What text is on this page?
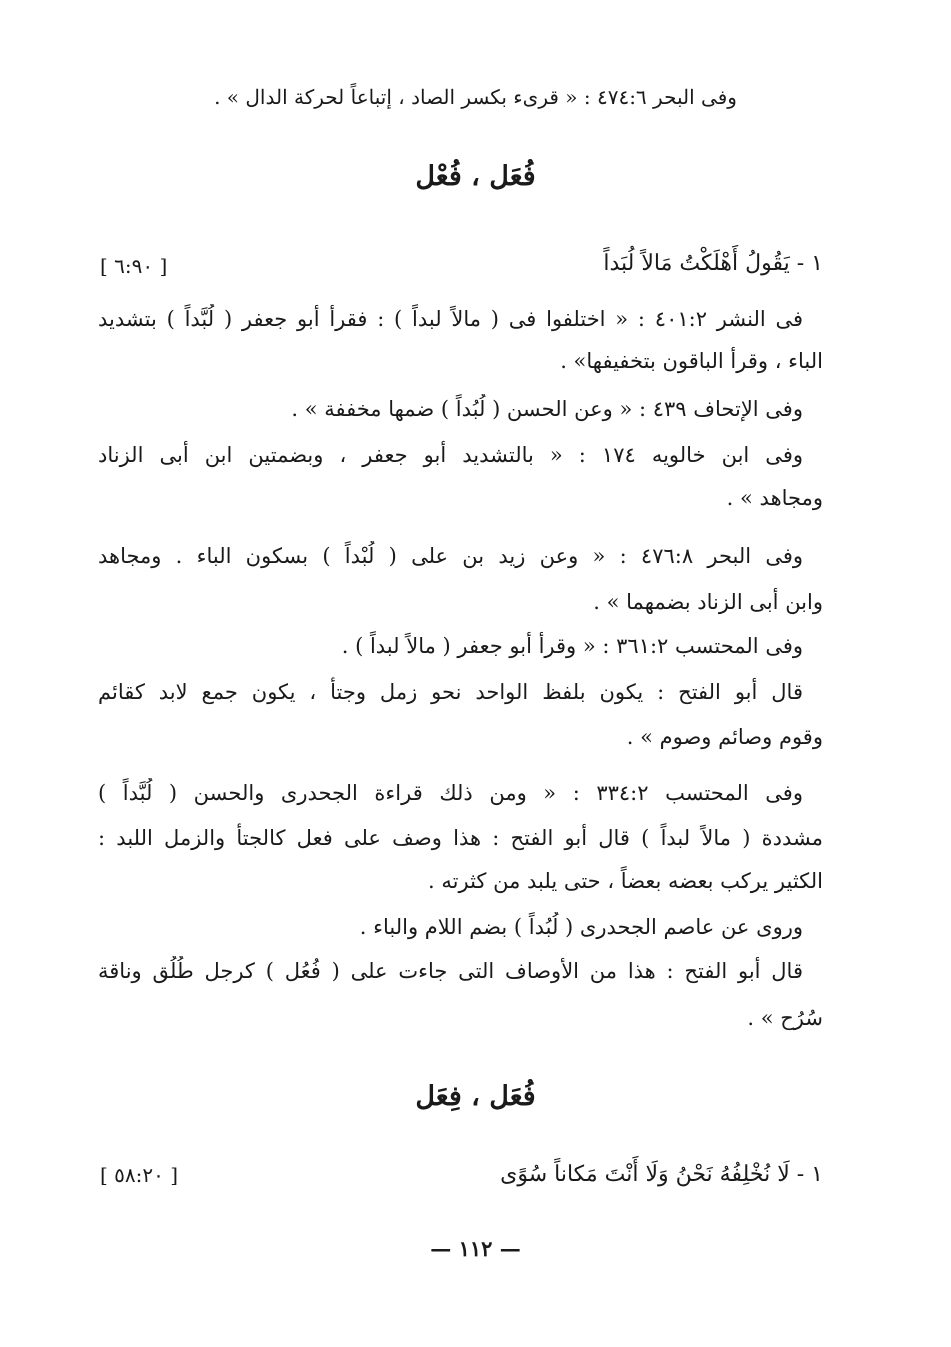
وفى البحر ٤٧٤:٦ : « قرىء بكسر الصاد ، إتباعاً لحركة الدال » .
فُعَل ، فُعْل
١ - يَقُولُ أَهْلَكْتُ مَالاً لُبَداً
[ ٦:٩٠ ]
فى النشر ٤٠١:٢ : « اختلفوا فى ( مالاً لبداً ) : فقرأ أبو جعفر ( لُبَّداً ) بتشديد
الباء ، وقرأ الباقون بتخفيفها» .
وفى الإتحاف ٤٣٩ : « وعن الحسن ( لُبُداً ) ضمها مخففة » .
وفى ابن خالويه ١٧٤ : « بالتشديد أبو جعفر ، وبضمتين ابن أبى الزناد
ومجاهد » .
وفى البحر ٤٧٦:٨ : « وعن زيد بن على ( لُبْداً ) بسكون الباء . ومجاهد
وابن أبى الزناد بضمهما » .
وفى المحتسب ٣٦١:٢ : « وقرأ أبو جعفر ( مالاً لبداً ) .
قال أبو الفتح : يكون بلفظ الواحد نحو زمل وجتأ ، يكون جمع لابد كقائم
وقوم وصائم وصوم » .
وفى المحتسب ٣٣٤:٢ : « ومن ذلك قراءة الجحدرى والحسن ( لُبَّداً )
مشددة ( مالاً لبداً ) قال أبو الفتح : هذا وصف على فعل كالجتأ والزمل اللبد :
الكثير يركب بعضه بعضاً ، حتى يلبد من كثرته .
وروى عن عاصم الجحدرى ( لُبُداً ) بضم اللام والباء .
قال أبو الفتح : هذا من الأوصاف التى جاءت على ( فُعُل ) كرجل طُلُق وناقة
سُرُح » .
فُعَل ، فِعَل
١ - لَا نُخْلِفُهُ نَحْنُ وَلَا أَنْتَ مَكاناً سُوًى
[ ٥٨:٢٠ ]
— ١١٢ —
